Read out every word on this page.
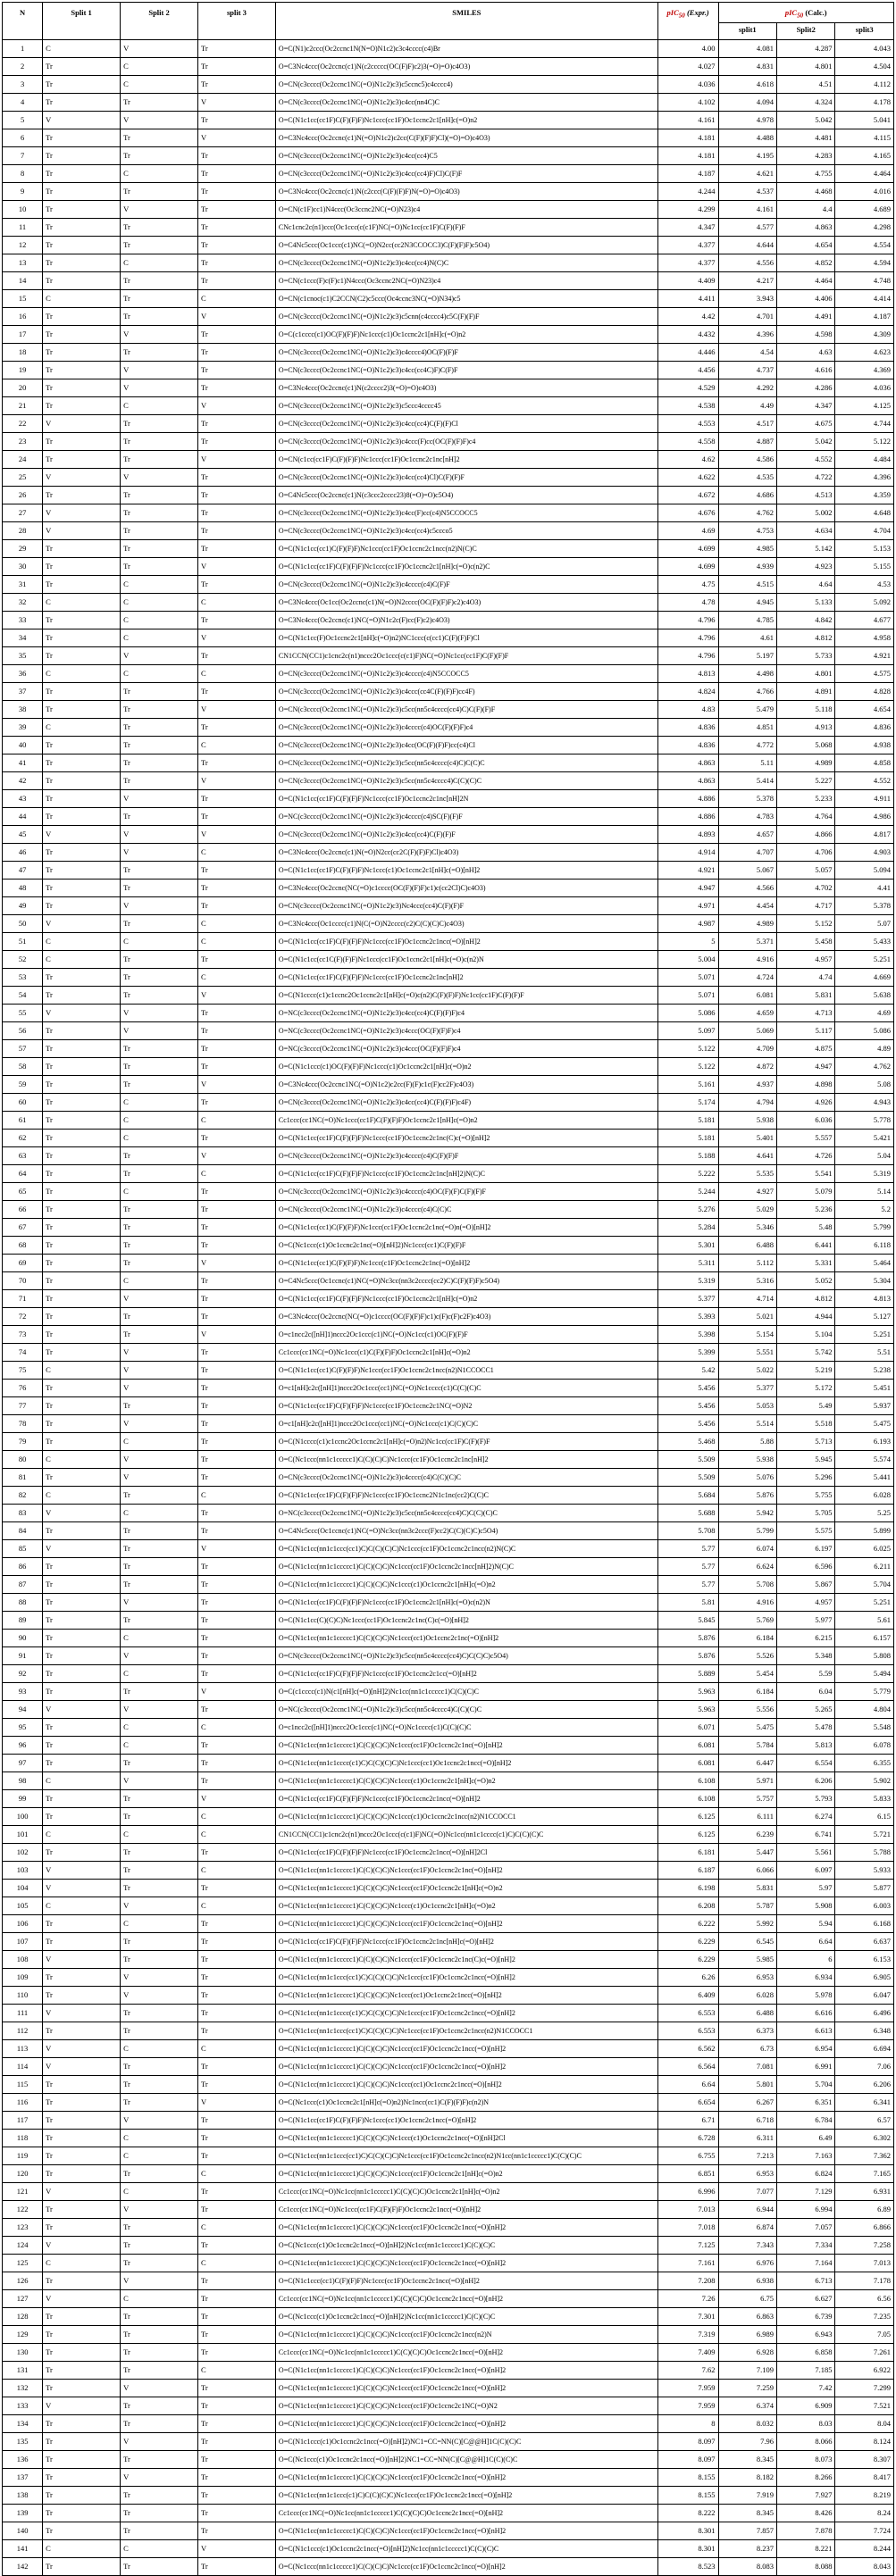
N	Split 1	Split 2	split 3	SMILES	pIC$_{50}$ (Expr.)	pIC$_{50}$ (Calc.)		
						split1	Split2	split3
1	C	V	Tr	O=C(N1)c2ccc(Oc2ccnc1N(N=O)N1c2)c3c4cccc(c4)Br	4.00	4.081	4.287	4.043
2	Tr	C	Tr	O=C3Nc4ccc(Oc2ccnc(c1)N(c2ccccc(OC(F)F)c2)3(=O)=O)c4O3)	4.027	4.831	4.801	4.504
3	Tr	C	Tr	O=CN(c3cccc(Oc2ccnc1NC(=O)N1c2)c3)c5ccnc5)c4cccc4)	4.036	4.618	4.51	4.112
4	Tr	Tr	V	O=CN(c3cccc(Oc2ccnc1NC(=O)N1c2)c3)c4cc(nn4C)C	4.102	4.094	4.324	4.178
5	V	V	Tr	O=C(N1c1cc(cc1F)C(F)(F)F)Nc1ccc(cc1F)Oc1ccnc2c1[nH]c(=O)n2	4.161	4.978	5.042	5.041
6	Tr	Tr	V	O=C3Nc4ccc(Oc2ccnc(c1)N(=O)N1c2)c2cc(C(F)(F)F)Cl)(=O)=O)c4O3)	4.181	4.488	4.481	4.115
7	Tr	Tr	Tr	O=CN(c3cccc(Oc2ccnc1NC(=O)N1c2)c3)c4cc(cc4)C5	4.181	4.195	4.283	4.165
8	Tr	C	Tr	O=CN(c3cccc(Oc2ccnc1NC(=O)N1c2)c3)c4cc(cc4)F)Cl)C(F)F	4.187	4.621	4.755	4.464
9	Tr	Tr	Tr	O=C3Nc4ccc(Oc2ccnc(c1)N(c2ccc(C(F)(F)F)N(=O)=O)c4O3)	4.244	4.537	4.468	4.016
10	Tr	V	Tr	O=CN(c1F)cc1)N4ccc(Oc3ccnc2NC(=O)N23)c4	4.299	4.161	4.4	4.689
11	Tr	Tr	Tr	CNc1cnc2c(n1)ccc(Oc1ccc(c(c1F)NC(=O)Nc1cc(cc1F)C(F)(F)F	4.347	4.577	4.863	4.298
12	Tr	Tr	Tr	O=C4Nc5ccc(Oc1ccc(c1)NC(=O)N2cc(cc2N3CCOCC3)C(F)(F)F)c5O4)	4.377	4.644	4.654	4.554
13	Tr	C	Tr	O=CN(c3cccc(Oc2ccnc1NC(=O)N1c2)c3)c4cc(cc4)N(C)C	4.377	4.556	4.852	4.594
14	Tr	Tr	Tr	O=CN(c1ccc(F)c(F)c1)N4ccc(Oc3ccnc2NC(=O)N23)c4	4.409	4.217	4.464	4.748
15	C	Tr	C	O=CN(c1cnoc(c1)C2CCN(C2)c5ccc(Oc4ccnc3NC(=O)N34)c5	4.411	3.943	4.406	4.414
16	Tr	Tr	V	O=CN(c3cccc(Oc2ccnc1NC(=O)N1c2)c3)c5cnn(c4cccc4)c5C(F)(F)F	4.42	4.701	4.491	4.187
17	Tr	V	Tr	O=C(c1cccc(c1)OC(F)(F)F)Nc1ccc(c1)Oc1ccnc2c1[nH]c(=O)n2	4.432	4.396	4.598	4.309
18	Tr	Tr	Tr	O=CN(c3cccc(Oc2ccnc1NC(=O)N1c2)c3)c4cccc4)OC(F)(F)F	4.446	4.54	4.63	4.623
19	Tr	V	Tr	O=CN(c3cccc(Oc2ccnc1NC(=O)N1c2)c3)c4cc(cc4C)F)C(F)F	4.456	4.737	4.616	4.369
20	Tr	V	Tr	O=C3Nc4ccc(Oc2ccnc(c1)N(c2cccc2)3(=O)=O)c4O3)	4.529	4.292	4.286	4.036
21	Tr	C	V	O=CN(c3cccc(Oc2ccnc1NC(=O)N1c2)c3)c5ccc4cccc45	4.538	4.49	4.347	4.125
22	V	Tr	Tr	O=CN(c3cccc(Oc2ccnc1NC(=O)N1c2)c3)c4cc(cc4)C(F)(F)Cl	4.553	4.517	4.675	4.744
23	Tr	Tr	Tr	O=CN(c3cccc(Oc2ccnc1NC(=O)N1c2)c3)c4ccc(F)cc(OC(F)(F)F)c4	4.558	4.887	5.042	5.122
24	Tr	Tr	V	O=CN(c1cc(cc1F)C(F)(F)F)Nc1ccc(cc1F)Oc1ccnc2c1nc[nH]2	4.62	4.586	4.552	4.484
25	V	V	Tr	O=CN(c3cccc(Oc2ccnc1NC(=O)N1c2)c3)c4cc(cc4)Cl)C(F)(F)F	4.622	4.535	4.722	4.396
26	Tr	Tr	Tr	O=C4Nc5ccc(Oc2ccnc(c1)N(c3ccc2cccc23)8(=O)=O)c5O4)	4.672	4.686	4.513	4.359
27	V	Tr	Tr	O=CN(c3cccc(Oc2ccnc1NC(=O)N1c2)c3)c4cc(F)cc(c4)N5CCOCC5	4.676	4.762	5.002	4.648
28	V	Tr	Tr	O=CN(c3cccc(Oc2ccnc1NC(=O)N1c2)c3)c4cc(cc4)c5ccco5	4.69	4.753	4.634	4.704
29	Tr	Tr	Tr	O=C(N1c1cc(cc1)C(F)(F)F)Nc1ccc(cc1F)Oc1ccnc2c1ncc(n2)N(C)C	4.699	4.985	5.142	5.153
30	Tr	Tr	V	O=C(N1c1cc(cc1F)C(F)(F)F)Nc1ccc(cc1F)Oc1ccnc2c1[nH]c(=O)c(n2)C	4.699	4.939	4.923	5.155
31	Tr	C	Tr	O=CN(c3cccc(Oc2ccnc1NC(=O)N1c2)c3)c4cccc(c4)C(F)F	4.75	4.515	4.64	4.53
32	C	C	C	O=C3Nc4ccc(Oc1cc(Oc2ccnc(c1)N(=O)N2cccc(OC(F)(F)F)c2)c4O3)	4.78	4.945	5.133	5.092
33	Tr	C	Tr	O=C3Nc4ccc(Oc2ccnc(c1)NC(=O)N1c2c(F)cc(F)c2)c4O3)	4.796	4.785	4.842	4.677
34	Tr	C	V	O=C(N1c1cc(F)Oc1ccnc2c1[nH]c(=O)n2)NC1ccc(c(cc1)C(F)(F)F)Cl	4.796	4.61	4.812	4.958
35	Tr	V	Tr	CN1CCN(CC1)c1cnc2c(n1)nccc2Oc1ccc(c(c1)F)NC(=O)Nc1cc(cc1F)C(F)(F)F	4.796	5.197	5.733	4.921
36	C	C	C	O=CN(c3cccc(Oc2ccnc1NC(=O)N1c2)c3)c4cccc(c4)N5CCOCC5	4.813	4.498	4.801	4.575
37	Tr	Tr	Tr	O=CN(c3cccc(Oc2ccnc1NC(=O)N1c2)c3)c4ccc(cc4C(F)(F)F)cc4F)	4.824	4.766	4.891	4.828
38	Tr	Tr	V	O=CN(c3cccc(Oc2ccnc1NC(=O)N1c2)c3)c5cc(nn5c4cccc(cc4)C)C(F)(F)F	4.83	5.479	5.118	4.654
39	C	Tr	Tr	O=CN(c3cccc(Oc2ccnc1NC(=O)N1c2)c3)c4cccc(c4)OC(F)(F)F)c4	4.836	4.851	4.913	4.836
40	Tr	Tr	C	O=CN(c3cccc(Oc2ccnc1NC(=O)N1c2)c3)c4cc(OC(F)(F)F)cc(c4)Cl	4.836	4.772	5.068	4.938
41	Tr	Tr	Tr	O=CN(c3cccc(Oc2ccnc1NC(=O)N1c2)c3)c5cc(nn5c4cccc(c4)C)C(C)C	4.863	5.11	4.989	4.858
42	Tr	Tr	V	O=CN(c3cccc(Oc2ccnc1NC(=O)N1c2)c3)c5cc(nn5c4cccc4)C(C)(C)C	4.863	5.414	5.227	4.552
43	Tr	V	Tr	O=C(N1c1cc(cc1F)C(F)(F)F)Nc1ccc(cc1F)Oc1ccnc2c1nc[nH]2N	4.886	5.378	5.233	4.911
44	Tr	Tr	Tr	O=NC(c3cccc(Oc2ccnc1NC(=O)N1c2)c3)c4cccc(c4)SC(F)(F)F	4.886	4.783	4.764	4.986
45	V	V	V	O=CN(c3cccc(Oc2ccnc1NC(=O)N1c2)c3)c4cc(cc4)C(F)(F)F	4.893	4.657	4.866	4.817
46	Tr	V	C	O=C3Nc4ccc(Oc2ccnc(c1)N(=O)N2cc(cc2C(F)(F)F)Cl)c4O3)	4.914	4.707	4.706	4.903
47	Tr	Tr	Tr	O=C(N1c1cc(cc1F)C(F)(F)F)Nc1ccc(c1)Oc1ccnc2c1[nH]c(=O)[nH]2	4.921	5.067	5.057	5.094
48	Tr	Tr	Tr	O=C3Nc4ccc(Oc2ccnc(NC(=O)c1cccc(OC(F)(F)F)c1)c(cc2Cl)C)c4O3)	4.947	4.566	4.702	4.41
49	Tr	V	Tr	O=CN(c3cccc(Oc2ccnc1NC(=O)N1c2)c3)Nc4ccc(cc4)C(F)(F)F	4.971	4.454	4.717	5.378
50	V	Tr	C	O=C3Nc4ccc(Oc1cccc(c1)N(C(=O)N2cccc(c2)C(C)(C)C)c4O3)	4.987	4.989	5.152	5.07
51	C	C	C	O=C(N1c1cc(cc1F)C(F)(F)F)Nc1ccc(cc1F)Oc1ccnc2c1ncc(=O)[nH]2	5	5.371	5.458	5.433
52	C	Tr	Tr	O=C(N1c1cc(cc1C(F)(F)F)Nc1ccc(cc1F)Oc1ccnc2c1[nH]c(=O)c(n2)N	5.004	4.916	4.957	5.251
53	Tr	Tr	C	O=C(N1c1cc(cc1F)C(F)(F)F)Nc1ccc(cc1F)Oc1ccnc2c1nc[nH]2	5.071	4.724	4.74	4.669
54	Tr	Tr	V	O=C(N1cccc(c1)c1ccnc2Oc1ccnc2c1[nH]c(=O)c(n2)C(F)(F)F)Nc1cc(cc1F)C(F)(F)F	5.071	6.081	5.831	5.638
55	V	V	Tr	O=NC(c3cccc(Oc2ccnc1NC(=O)N1c2)c3)c4cc(cc4)C(F)(F)F)c4	5.086	4.659	4.713	4.69
56	Tr	V	Tr	O=NC(c3cccc(Oc2ccnc1NC(=O)N1c2)c3)c4ccc(OC(F)(F)F)c4	5.097	5.069	5.117	5.086
57	Tr	Tr	Tr	O=NC(c3cccc(Oc2ccnc1NC(=O)N1c2)c3)c4ccc(OC(F)(F)F)c4	5.122	4.709	4.875	4.89
58	Tr	Tr	Tr	O=C(N1c1ccc(c1)OC(F)(F)F)Nc1ccc(c1)Oc1ccnc2c1[nH]c(=O)n2	5.122	4.872	4.947	4.762
59	Tr	Tr	V	O=C3Nc4ccc(Oc2ccnc1NC(=O)N1c2)c2cc(F)(F)c1c(F)cc2F)c4O3)	5.161	4.937	4.898	5.08
60	Tr	C	Tr	O=CN(c3cccc(Oc2ccnc1NC(=O)N1c2)c3)c4cc(cc4)C(F)(F)F)c4F)	5.174	4.794	4.926	4.943
61	Tr	C	C	Cc1ccc(cc1NC(=O)Nc1ccc(cc1F)C(F)(F)F)Oc1ccnc2c1[nH]c(=O)n2	5.181	5.938	6.036	5.778
62	Tr	C	Tr	O=C(N1c1cc(cc1F)C(F)(F)F)Nc1ccc(cc1F)Oc1ccnc2c1nc(C)c(=O)[nH]2	5.181	5.401	5.557	5.421
63	Tr	Tr	V	O=CN(c3cccc(Oc2ccnc1NC(=O)N1c2)c3)c4cccc(c4)C(F)(F)F	5.188	4.641	4.726	5.04
64	Tr	Tr	C	O=C(N1c1cc(cc1F)C(F)(F)F)Nc1ccc(cc1F)Oc1ccnc2c1nc[nH]2)N(C)C	5.222	5.535	5.541	5.319
65	Tr	C	Tr	O=CN(c3cccc(Oc2ccnc1NC(=O)N1c2)c3)c4cccc(c4)OC(F)(F)C(F)(F)F	5.244	4.927	5.079	5.14
66	Tr	Tr	Tr	O=CN(c3cccc(Oc2ccnc1NC(=O)N1c2)c3)c4cccc(c4)C(C)C	5.276	5.029	5.236	5.2
67	Tr	Tr	Tr	O=C(N1c1cc(cc1)C(F)(F)F)Nc1ccc(cc1F)Oc1ccnc2c1nc(=O)n(=O)[nH]2	5.284	5.346	5.48	5.799
68	Tr	Tr	Tr	O=C(Nc1ccc(c1)Oc1ccnc2c1nc(=O)[nH]2)Nc1ccc(cc1)C(F)(F)F	5.301	6.488	6.441	6.118
69	Tr	Tr	V	O=C(N1c1cc(cc1)C(F)(F)F)Nc1ccc(c1F)Oc1ccnc2c1nc(=O)[nH]2	5.311	5.112	5.331	5.464
70	Tr	C	Tr	O=C4Nc5ccc(Oc1ccnc(c1)NC(=O)Nc3cc(nn3c2cccc(cc2)C)C(F)(F)F)c5O4)	5.319	5.316	5.052	5.304
71	Tr	V	Tr	O=C(N1c1cc(cc1F)C(F)(F)F)Nc1ccc(cc1F)Oc1ccnc2c1[nH]c(=O)n2	5.377	4.714	4.812	4.813
72	Tr	Tr	Tr	O=C3Nc4ccc(Oc2ccnc(NC(=O)c1cccc(OC(F)(F)F)c1)c(F)c(F)c2F)c4O3)	5.393	5.021	4.944	5.127
73	Tr	Tr	V	O=c1ncc2c([nH]1)nccc2Oc1ccc(c1)NC(=O)Nc1cc(c1)OC(F)(F)F	5.398	5.154	5.104	5.251
74	Tr	V	Tr	Cc1ccc(cc1NC(=O)Nc1ccc(c1)C(F)(F)F)Oc1ccnc2c1[nH]c(=O)n2	5.399	5.551	5.742	5.51
75	C	V	Tr	O=C(N1c1cc(cc1)C(F)(F)F)Nc1ccc(cc1F)Oc1ccnc2c1ncc(n2)N1CCOCC1	5.42	5.022	5.219	5.238
76	Tr	V	Tr	O=c1[nH]c2c([nH]1)nccc2Oc1ccc(cc1)NC(=O)Nc1cccc(c1)C(C)(C)C	5.456	5.377	5.172	5.451
77	Tr	Tr	Tr	O=C(N1c1cc(cc1F)C(F)(F)F)Nc1ccc(cc1F)Oc1ccnc2c1NC(=O)N2	5.456	5.053	5.49	5.937
78	Tr	V	Tr	O=c1[nH]c2c([nH]1)nccc2Oc1ccc(cc1)NC(=O)Nc1ccc(c1)C(C)(C)C	5.456	5.514	5.518	5.475
79	Tr	C	Tr	O=C(N1cccc(c1)c1ccnc2Oc1ccnc2c1[nH]c(=O)n2)Nc1cc(cc1F)C(F)(F)F	5.468	5.88	5.713	6.193
80	C	V	Tr	O=C(Nc1ccc(nn1c1ccccc1)C(C)(C)C)Nc1ccc(cc1F)Oc1ccnc2c1nc[nH]2	5.509	5.938	5.945	5.574
81	Tr	V	Tr	O=CN(c3cccc(Oc2ccnc1NC(=O)N1c2)c3)c4cccc(c4)C(C)(C)C	5.509	5.076	5.296	5.441
82	C	Tr	C	O=C(N1c1cc(cc1F)C(F)(F)F)Nc1ccc(cc1F)Oc1ccnc2N1c1nc(cc2)C(C)C	5.684	5.876	5.755	6.028
83	V	C	Tr	O=NC(c3cccc(Oc2ccnc1NC(=O)N1c2)c3)c5cc(nn5c4cccc(cc4)C)C(C)(C)C	5.688	5.942	5.705	5.25
84	Tr	Tr	Tr	O=C4Nc5ccc(Oc1ccnc(c1)NC(=O)Nc3cc(nn3c2ccc(F)cc2)C(C)(C)C)c5O4)	5.708	5.799	5.575	5.899
85	V	Tr	V	O=C(N1c1cc(nn1c1ccc(cc1)C)C(C)(C)C)Nc1ccc(cc1F)Oc1ccnc2c1ncc(n2)N(C)C	5.77	6.074	6.197	6.025
86	Tr	Tr	Tr	O=C(N1c1cc(nn1c1ccccc1)C(C)(C)C)Nc1ccc(cc1F)Oc1ccnc2c1ncc[nH]2)N(C)C	5.77	6.624	6.596	6.211
87	Tr	Tr	Tr	O=C(N1c1cc(nn1c1ccccc1)C(C)(C)C)Nc1ccc(c1)Oc1ccnc2c1[nH]c(=O)n2	5.77	5.708	5.867	5.704
88	Tr	V	Tr	O=C(N1c1cc(cc1F)C(F)(F)F)Nc1ccc(cc1F)Oc1ccnc2c1[nH]c(=O)c(n2)N	5.81	4.916	4.957	5.251
89	Tr	Tr	Tr	O=C(N1c1cc(C)(C)C)Nc1ccc(cc1F)Oc1ccnc2c1nc(C)c(=O)[nH]2	5.845	5.769	5.977	5.61
90	Tr	C	Tr	O=C(N1c1cc(nn1c1ccccc1)C(C)(C)C)Nc1ccc(cc1)Oc1ccnc2c1nc(=O)[nH]2	5.876	6.184	6.215	6.157
91	Tr	V	Tr	O=CN(c3cccc(Oc2ccnc1NC(=O)N1c2)c3)c5cc(nn5c4cccc(cc4)C)C(C)C)c5O4)	5.876	5.526	5.348	5.808
92	Tr	C	Tr	O=C(N1c1cc(cc1F)C(F)(F)F)Nc1ccc(cc1F)Oc1ccnc2c1cc(=O)[nH]2	5.889	5.454	5.59	5.494
93	Tr	Tr	V	O=C(c1cccc(c1)N(c1[nH]c(=O)[nH]2)Nc1cc(nn1c1ccccc1)C(C)(C)C	5.963	6.184	6.04	5.779
94	V	V	Tr	O=NC(c3cccc(Oc2ccnc1NC(=O)N1c2)c3)c5cc(nn5c4cccc4)C(C)(C)C	5.963	5.556	5.265	4.804
95	Tr	C	C	O=c1ncc2c([nH]1)nccc2Oc1ccc(c1)NC(=O)Nc1cccc(c1)C(C)(C)C	6.071	5.475	5.478	5.548
96	Tr	C	Tr	O=C(N1c1cc(nn1c1ccccc1)C(C)(C)C)Nc1ccc(cc1F)Oc1ccnc2c1nc(=O)[nH]2	6.081	5.784	5.813	6.078
97	Tr	Tr	Tr	O=C(N1c1cc(nn1c1cccc(c1)C)C(C)(C)C)Nc1ccc(cc1)Oc1ccnc2c1ncc(=O)[nH]2	6.081	6.447	6.554	6.355
98	C	V	Tr	O=C(N1c1cc(nn1c1ccccc1)C(C)(C)C)Nc1ccc(c1)Oc1ccnc2c1[nH]c(=O)n2	6.108	5.971	6.206	5.902
99	Tr	Tr	V	O=C(N1c1cc(cc1F)C(F)(F)F)Nc1ccc(cc1F)Oc1ccnc2c1ncc(=O)[nH]2	6.108	5.757	5.793	5.833
100	Tr	Tr	C	O=C(N1c1cc(nn1c1ccccc1)C(C)(C)C)Nc1ccc(c1)Oc1ccnc2c1ncc(n2)N1CCOCC1	6.125	6.111	6.274	6.15
101	C	C	C	CN1CCN(CC1)c1cnc2c(n1)nccc2Oc1ccc(c(c1)F)NC(=O)Nc1cc(nn1c1cccc(c1)C)C(C)(C)C	6.125	6.239	6.741	5.721
102	Tr	Tr	Tr	O=C(N1c1cc(cc1F)C(F)(F)F)Nc1ccc(cc1F)Oc1ccnc2c1ncc(=O)[nH]2Cl	6.181	5.447	5.561	5.788
103	V	Tr	C	O=C(N1c1cc(nn1c1ccccc1)C(C)(C)C)Nc1ccc(cc1F)Oc1ccnc2c1nc(=O)[nH]2	6.187	6.066	6.097	5.933
104	V	Tr	Tr	O=C(N1c1cc(nn1c1ccccc1)C(C)(C)C)Nc1ccc(cc1F)Oc1ccnc2c1[nH]c(=O)n2	6.198	5.831	5.97	5.877
105	C	V	C	O=C(N1c1cc(nn1c1ccccc1)C(C)(C)C)Nc1ccc(c1)Oc1ccnc2c1[nH]c(=O)n2	6.208	5.787	5.908	6.003
106	Tr	C	Tr	O=C(N1c1cc(nn1c1ccccc1)C(C)(C)C)Nc1ccc(cc1F)Oc1ccnc2c1nc(=O)[nH]2	6.222	5.992	5.94	6.168
107	Tr	Tr	Tr	O=C(N1c1cc(cc1F)C(F)(F)F)Nc1ccc(cc1F)Oc1ccnc2c1nc[nH]c(=O)[nH]2	6.229	6.545	6.64	6.637
108	V	Tr	Tr	O=C(N1c1cc(nn1c1ccccc1)C(C)(C)C)Nc1ccc(cc1F)Oc1ccnc2c1nc(C)c(=O)[nH]2	6.229	5.985	6	6.153
109	Tr	V	Tr	O=C(N1c1cc(nn1c1ccc(cc1)C)C(C)(C)C)Nc1ccc(cc1F)Oc1ccnc2c1ncc(=O)[nH]2	6.26	6.953	6.934	6.905
110	Tr	V	Tr	O=C(N1c1cc(nn1c1ccccc1)C(C)(C)C)Nc1ccc(cc1)Oc1ccnc2c1ncc(=O)[nH]2	6.409	6.028	5.978	6.047
111	V	Tr	Tr	O=C(N1c1cc(nn1c1cccc(c1)C)C(C)(C)C)Nc1ccc(cc1F)Oc1ccnc2c1ncc(=O)[nH]2	6.553	6.488	6.616	6.496
112	Tr	Tr	Tr	O=C(N1c1cc(nn1c1ccc(cc1)C)C(C)(C)C)Nc1ccc(cc1F)Oc1ccnc2c1ncc(n2)N1CCOCC1	6.553	6.373	6.613	6.348
113	V	C	C	O=C(N1c1cc(nn1c1ccccc1)C(C)(C)C)Nc1ccc(cc1F)Oc1ccnc2c1ncc(=O)[nH]2	6.562	6.73	6.954	6.694
114	V	Tr	Tr	O=C(N1c1cc(nn1c1ccccc1)C(C)(C)C)Nc1ccc(cc1F)Oc1ccnc2c1ncc(=O)[nH]2	6.564	7.081	6.991	7.06
115	Tr	Tr	Tr	O=C(N1c1cc(nn1c1ccccc1)C(C)(C)C)Nc1ccc(cc1)Oc1ccnc2c1ncc(=O)[nH]2	6.64	5.801	5.704	6.206
116	Tr	Tr	V	O=C(Nc1ccc(c1)Oc1ccnc2c1[nH]c(=O)n2)Nc1ncc(cc1)C(F)(F)F)c(n2)N	6.654	6.267	6.351	6.341
117	Tr	V	Tr	O=C(N1c1cc(cc1F)C(F)(F)F)Nc1ccc(cc1)Oc1ccnc2c1ncc(=O)[nH]2	6.71	6.718	6.784	6.57
118	Tr	C	Tr	O=C(N1c1cc(nn1c1ccccc1)C(C)(C)C)Nc1ccc(c1)Oc1ccnc2c1ncc(=O)[nH]2Cl	6.728	6.311	6.49	6.302
119	Tr	C	Tr	O=C(N1c1cc(nn1c1ccc(cc1)C)C(C)(C)C)Nc1ccc(cc1F)Oc1ccnc2c1ncc(n2)N1cc(nn1c1ccccc1)C(C)(C)C	6.755	7.213	7.163	7.362
120	Tr	Tr	C	O=C(N1c1cc(nn1c1ccccc1)C(C)(C)C)Nc1ccc(cc1F)Oc1ccnc2c1[nH]c(=O)n2	6.851	6.953	6.824	7.165
121	V	C	Tr	Cc1ccc(cc1NC(=O)Nc1cc(nn1c1ccccc1)C(C)(C)C)Oc1ccnc2c1[nH]c(=O)n2	6.996	7.077	7.129	6.931
122	Tr	V	Tr	Cc1ccc(cc1NC(=O)Nc1ccc(cc1F)C(F)(F)F)Oc1ccnc2c1ncc(=O)[nH]2	7.013	6.944	6.994	6.89
123	Tr	Tr	C	O=C(N1c1cc(nn1c1ccccc1)C(C)(C)C)Nc1ccc(cc1F)Oc1ccnc2c1ncc(=O)[nH]2	7.018	6.874	7.057	6.866
124	V	Tr	Tr	O=C(Nc1ccc(c1)Oc1ccnc2c1ncc(=O)[nH]2)Nc1cc(nn1c1ccccc1)C(C)(C)C	7.125	7.343	7.334	7.258
125	C	Tr	C	O=C(N1c1cc(nn1c1ccccc1)C(C)(C)C)Nc1ccc(cc1F)Oc1ccnc2c1ncc(=O)[nH]2	7.161	6.976	7.164	7.013
126	Tr	V	Tr	O=C(N1c1ccc(cc1)C(F)(F)F)Nc1ccc(cc1F)Oc1ccnc2c1ncc(=O)[nH]2	7.208	6.938	6.713	7.178
127	V	C	Tr	Cc1ccc(cc1NC(=O)Nc1cc(nn1c1ccccc1)C(C)(C)C)Oc1ccnc2c1ncc(=O)[nH]2	7.26	6.75	6.627	6.56
128	Tr	Tr	Tr	O=C(Nc1ccc(c1)Oc1ccnc2c1ncc(=O)[nH]2)Nc1cc(nn1c1ccccc1)C(C)(C)C	7.301	6.863	6.739	7.235
129	Tr	Tr	Tr	O=C(N1c1cc(nn1c1ccccc1)C(C)(C)C)Nc1ccc(cc1F)Oc1ccnc2c1ncc(n2)N	7.319	6.989	6.943	7.05
130	Tr	Tr	Tr	Cc1ccc(cc1NC(=O)Nc1cc(nn1c1ccccc1)C(C)(C)C)Oc1ccnc2c1ncc(=O)[nH]2	7.409	6.928	6.858	7.261
131	Tr	Tr	C	O=C(N1c1cc(nn1c1ccccc1)C(C)(C)C)Nc1ccc(cc1F)Oc1ccnc2c1ncc(=O)[nH]2	7.62	7.109	7.185	6.922
132	Tr	V	Tr	O=C(N1c1cc(nn1c1ccccc1)C(C)(C)C)Nc1ccc(cc1F)Oc1ccnc2c1ncc(=O)[nH]2	7.959	7.259	7.42	7.299
133	V	Tr	Tr	O=C(N1c1cc(nn1c1ccccc1)C(C)(C)C)Nc1ccc(cc1F)Oc1ccnc2c1NC(=O)N2	7.959	6.374	6.909	7.521
134	Tr	Tr	Tr	O=C(N1c1cc(nn1c1ccccc1)C(C)(C)C)Nc1ccc(cc1F)Oc1ccnc2c1ncc(=O)[nH]2	8	8.032	8.03	8.04
135	Tr	V	Tr	O=C(N1c1ccc(c1)Oc1ccnc2c1ncc(=O)[nH]2)NC1=CC=NN(C)[C@@H]1C(C)(C)C	8.097	7.96	8.066	8.124
136	Tr	Tr	Tr	O=C(Nc1ccc(c1)Oc1ccnc2c1ncc(=O)[nH]2)NC1=CC=NN(C)[C@@H]1C(C)(C)C	8.097	8.345	8.073	8.307
137	Tr	V	Tr	O=C(N1c1cc(nn1c1ccccc1)C(C)(C)C)Nc1ccc(cc1F)Oc1ccnc2c1ncc(=O)[nH]2	8.155	8.182	8.266	8.417
138	Tr	Tr	Tr	O=C(N1c1cc(nn1c1ccc(c1)C)C(C)(C)C)Nc1ccc(cc1F)Oc1ccnc2c1ncc(=O)[nH]2	8.155	7.919	7.927	8.219
139	Tr	Tr	Tr	Cc1ccc(cc1NC(=O)Nc1cc(nn1c1ccccc1)C(C)(C)C)Oc1ccnc2c1ncc(=O)[nH]2	8.222	8.345	8.426	8.24
140	Tr	Tr	Tr	O=C(N1c1cc(nn1c1ccccc1)C(C)(C)C)Nc1ccc(cc1F)Oc1ccnc2c1ncc(=O)[nH]2	8.301	7.857	7.878	7.724
141	C	C	V	O=C(N1c1ccc(c1)Oc1ccnc2c1ncc(=O)[nH]2)Nc1cc(nn1c1ccccc1)C(C)(C)C	8.301	8.237	8.221	8.244
142	Tr	Tr	Tr	O=C(Nc1ccc(nn1c1ccccc1)C(C)(C)C)Nc1ccc(cc1F)Oc1ccnc2c1ncc(=O)[nH]2	8.523	8.083	8.088	8.043
